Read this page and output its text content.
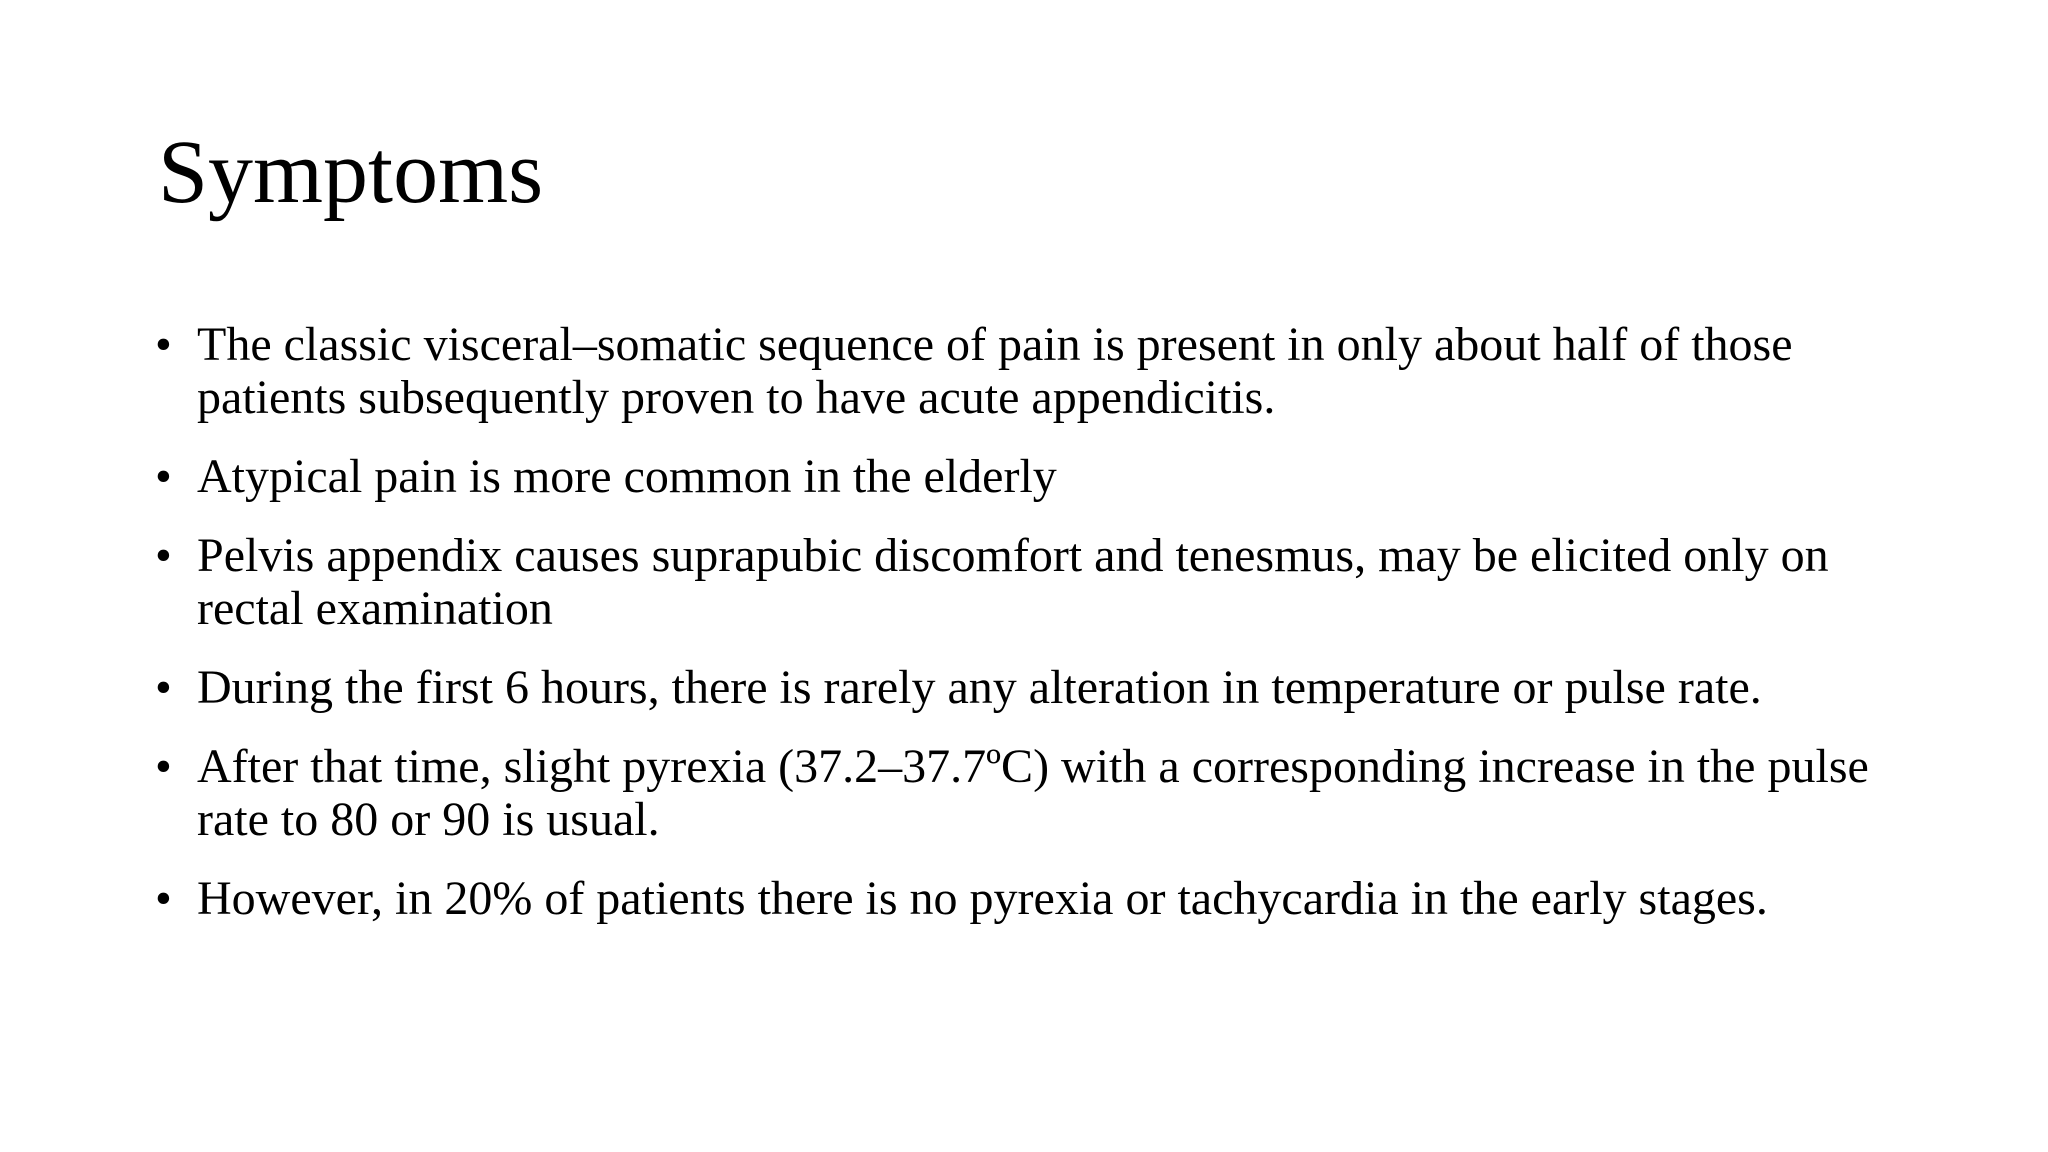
Symptoms
• The classic visceral–somatic sequence of pain is present in only about half of those patients subsequently proven to have acute appendicitis.
• Atypical pain is more common in the elderly
• Pelvis appendix causes suprapubic discomfort and tenesmus, may be elicited only on rectal examination
• During the first 6 hours, there is rarely any alteration in temperature or pulse rate.
• After that time, slight pyrexia (37.2–37.7ºC) with a corresponding increase in the pulse rate to 80 or 90 is usual.
• However, in 20% of patients there is no pyrexia or tachycardia in the early stages.
